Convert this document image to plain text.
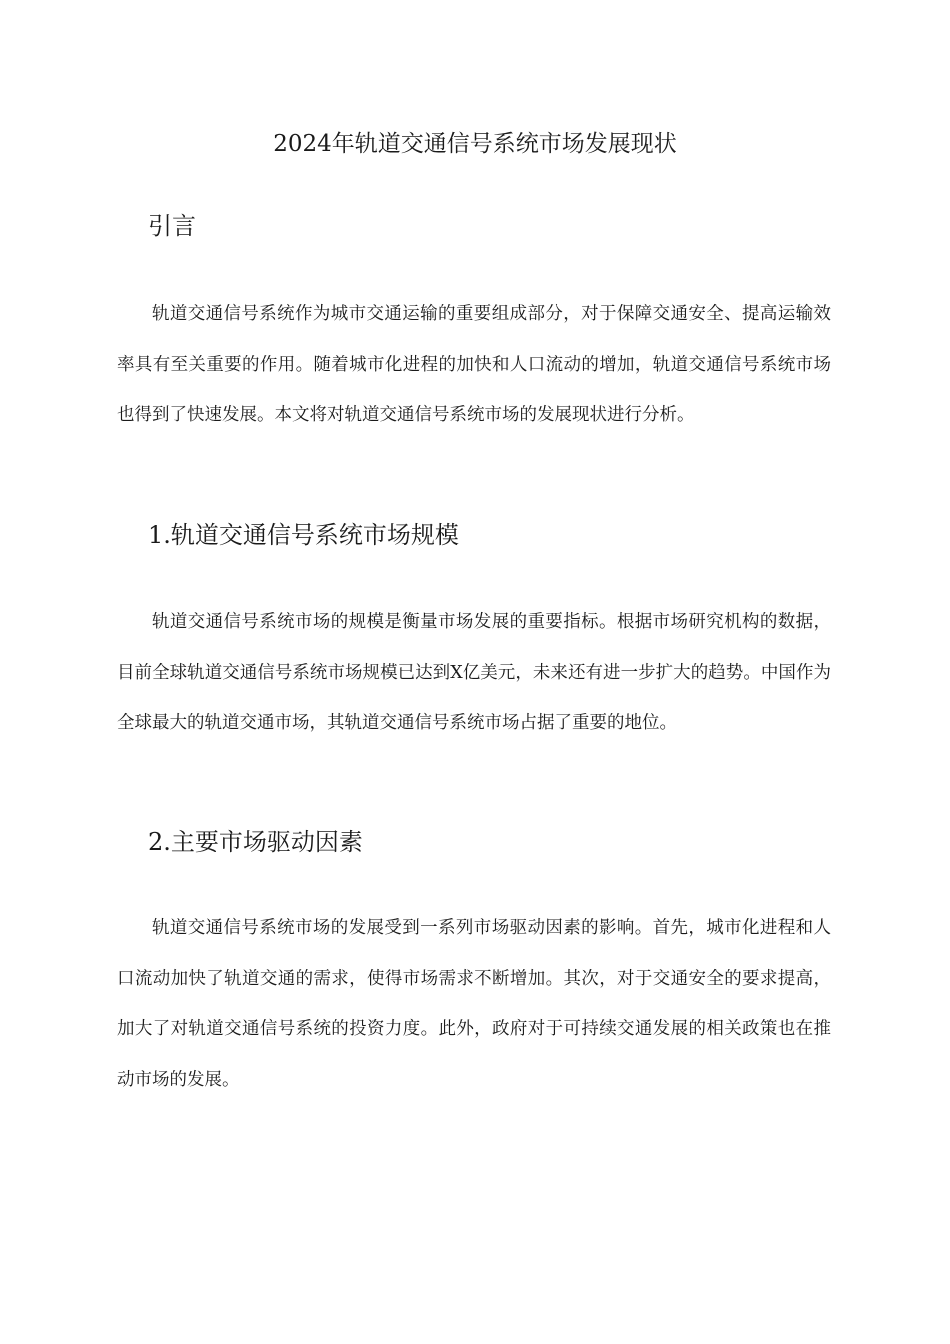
2024年轨道交通信号系统市场发展现状
引言

轨道交通信号系统作为城市交通运输的重要组成部分，对于保障交通安全、提高运输效率具有至关重要的作用。随着城市化进程的加快和人口流动的增加，轨道交通信号系统市场也得到了快速发展。本文将对轨道交通信号系统市场的发展现状进行分析。

1.轨道交通信号系统市场规模

轨道交通信号系统市场的规模是衡量市场发展的重要指标。根据市场研究机构的数据，目前全球轨道交通信号系统市场规模已达到X亿美元，未来还有进一步扩大的趋势。中国作为全球最大的轨道交通市场，其轨道交通信号系统市场占据了重要的地位。

2.主要市场驱动因素

轨道交通信号系统市场的发展受到一系列市场驱动因素的影响。首先，城市化进程和人口流动加快了轨道交通的需求，使得市场需求不断增加。其次，对于交通安全的要求提高，加大了对轨道交通信号系统的投资力度。此外，政府对于可持续交通发展的相关政策也在推动市场的发展。
